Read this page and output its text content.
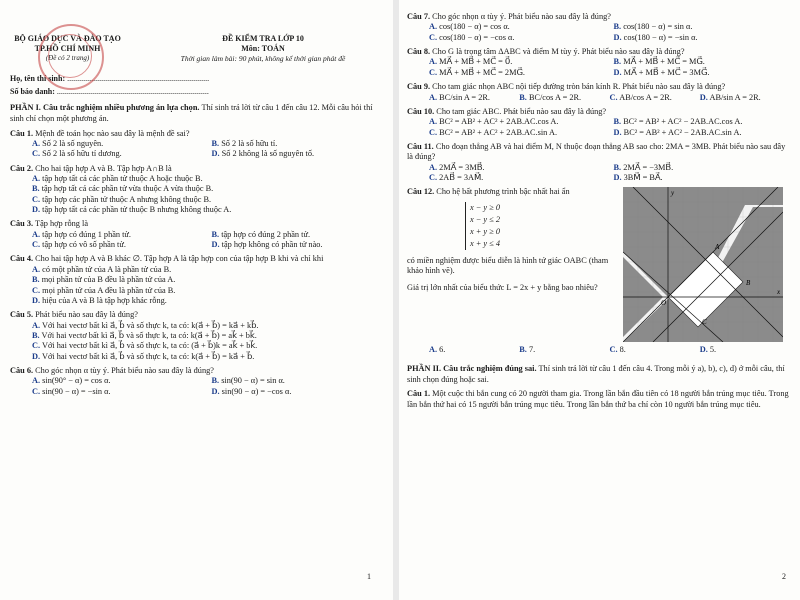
BỘ GIÁO DỤC VÀ ĐÀO TẠO
TP.HỒ CHÍ MINH
(Đề có 2 trang)
ĐỀ KIỂM TRA LỚP 10
Môn: TOÁN
Thời gian làm bài: 90 phút, không kể thời gian phát đề
Họ, tên thí sinh: .......................................................................
Số báo danh: ............................................................................
PHẦN I. Câu trắc nghiệm nhiều phương án lựa chọn. Thí sinh trả lời từ câu 1 đến câu 12. Mỗi câu hỏi thí sinh chỉ chọn một phương án.
Câu 1. Mệnh đề toán học nào sau đây là mệnh đề sai?
A. Số 2 là số nguyên.	B. Số 2 là số hữu tỉ.
C. Số 2 là số hữu tỉ dương.	D. Số 2 không là số nguyên tố.
Câu 2. Cho hai tập hợp A và B. Tập hợp A∩B là
A. tập hợp tất cả các phần tử thuộc A hoặc thuộc B.
B. tập hợp tất cả các phần tử vừa thuộc A vừa thuộc B.
C. tập hợp các phần tử thuộc A nhưng không thuộc B.
D. tập hợp tất cả các phần tử thuộc B nhưng không thuộc A.
Câu 3. Tập hợp rỗng là
A. tập hợp có đúng 1 phần tử.	B. tập hợp có đúng 2 phần tử.
C. tập hợp có vô số phần tử.	D. tập hợp không có phần tử nào.
Câu 4. Cho hai tập hợp A và B khác ∅. Tập hợp A là tập hợp con của tập hợp B khi và chỉ khi
A. có một phần tử của A là phần tử của B.
B. mọi phần tử của B đều là phần tử của A.
C. mọi phần tử của A đều là phần tử của B.
D. hiệu của A và B là tập hợp khác rỗng.
Câu 5. Phát biểu nào sau đây là đúng?
A. Với hai vectơ bất kì a⃗, b⃗ và số thực k, ta có: k(a⃗ + b⃗) = ka⃗ + kb⃗.
B. Với hai vectơ bất kì a⃗, b⃗ và số thực k, ta có: k(a⃗ + b⃗) = ak⃗ + bk⃗.
C. Với hai vectơ bất kì a⃗, b⃗ và số thực k, ta có: (a⃗ + b⃗)k = ak⃗ + bk⃗.
D. Với hai vectơ bất kì a⃗, b⃗ và số thực k, ta có: k(a⃗ + b⃗) = ka⃗ + b⃗.
Câu 6. Cho góc nhọn α tùy ý. Phát biểu nào sau đây là đúng?
A. sin(90° − α) = cos α.	B. sin(90 − α) = sin α.
C. sin(90 − α) = −sin α.	D. sin(90 − α) = −cos α.
1
Câu 7. Cho góc nhọn α tùy ý. Phát biểu nào sau đây là đúng?
A. cos(180 − α) = cos α.	B. cos(180 − α) = sin α.
C. cos(180 − α) = −cos α.	D. cos(180 − α) = −sin α.
Câu 8. Cho G là trọng tâm ΔABC và điểm M tùy ý. Phát biểu nào sau đây là đúng?
A. MA⃗ + MB⃗ + MC⃗ = 0⃗.	B. MA⃗ + MB⃗ + MC⃗ = MG⃗.
C. MA⃗ + MB⃗ + MC⃗ = 2MG⃗.	D. MA⃗ + MB⃗ + MC⃗ = 3MG⃗.
Câu 9. Cho tam giác nhọn ABC nội tiếp đường tròn bán kính R. Phát biểu nào sau đây là đúng?
A. BC/sin A = 2R.	B. BC/cos A = 2R.	C. AB/cos A = 2R.	D. AB/sin A = 2R.
Câu 10. Cho tam giác ABC. Phát biểu nào sau đây là đúng?
A. BC² = AB² + AC² + 2AB.AC.cos A.	B. BC² = AB² + AC² − 2AB.AC.cos A.
C. BC² = AB² + AC² + 2AB.AC.sin A.	D. BC² = AB² + AC² − 2AB.AC.sin A.
Câu 11. Cho đoạn thẳng AB và hai điểm M, N thuộc đoạn thẳng AB sao cho: 2MA = 3MB. Phát biểu nào sau đây là đúng?
A. 2MA⃗ = 3MB⃗.	B. 2MA⃗ = −3MB⃗.
C. 2AB⃗ = 3AM⃗.	D. 3BM⃗ = BA⃗.
Câu 12. Cho hệ bất phương trình bậc nhất hai ẩn
x − y ≥ 0
x − y ≤ 2
x + y ≥ 0
x + y ≤ 4
có miền nghiệm được biểu diễn là hình tứ giác OABC (tham khảo hình vẽ).
Giá trị lớn nhất của biểu thức L = 2x + y bằng bao nhiêu?
A
B
C
O
x
y
A. 6.	B. 7.	C. 8.	D. 5.
PHẦN II. Câu trắc nghiệm đúng sai. Thí sinh trả lời từ câu 1 đến câu 4. Trong mỗi ý a), b), c), d) ở mỗi câu, thí sinh chọn đúng hoặc sai.
Câu 1. Một cuộc thi bắn cung có 20 người tham gia. Trong lần bắn đầu tiên có 18 người bắn trúng mục tiêu. Trong lần bắn thứ hai có 15 người bắn trúng mục tiêu. Trong lần bắn thứ ba chỉ còn 10 người bắn trúng mục tiêu.
2
